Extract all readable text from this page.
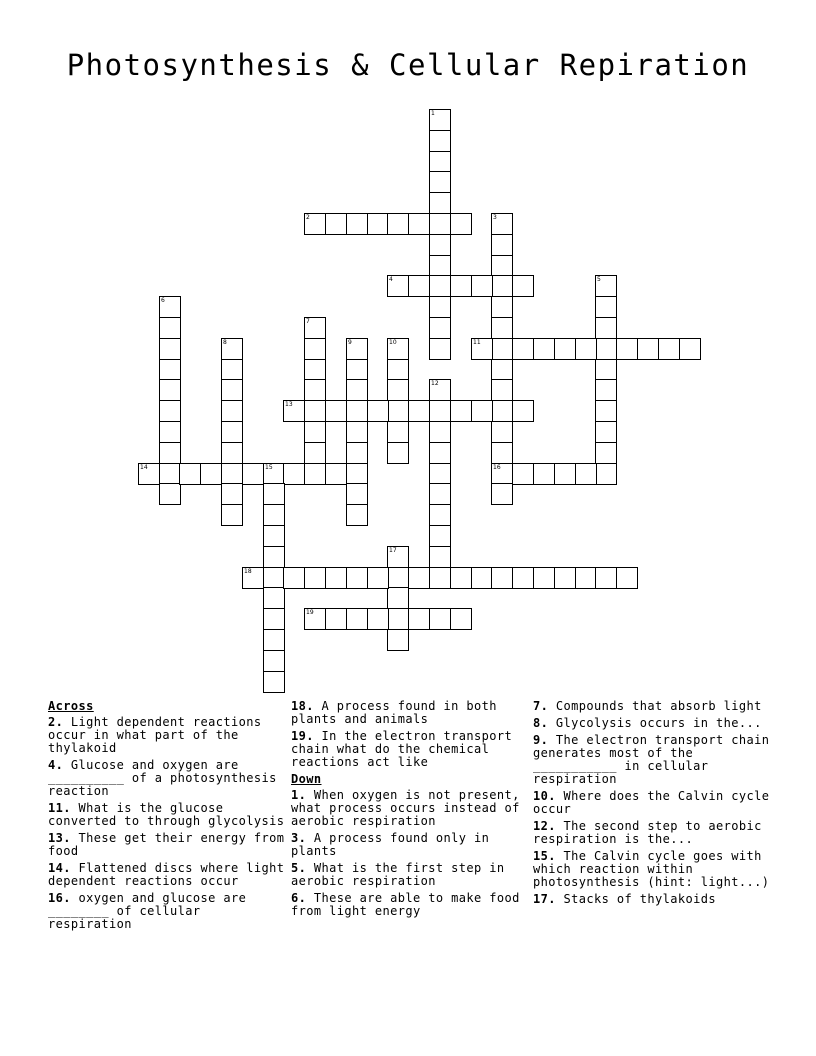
Photosynthesis & Cellular Repiration
1
2	3
16
4	5
6
7
8	9	10	11
12
13
14	15
17
18
19
Across
2. Light dependent reactions occur in what part of the thylakoid
4. Glucose and oxygen are __________ of a photosynthesis reaction
11. What is the glucose converted to through glycolysis
13. These get their energy from food
14. Flattened discs where light dependent reactions occur
16. oxygen and glucose are ________ of cellular respiration
18. A process found in both plants and animals
19. In the electron transport chain what do the chemical reactions act like
Down
1. When oxygen is not present, what process occurs instead of aerobic respiration
3. A process found only in plants
5. What is the first step in aerobic respiration
6. These are able to make food from light energy
7. Compounds that absorb light
8. Glycolysis occurs in the...
9. The electron transport chain generates most of the ___________ in cellular respiration
10. Where does the Calvin cycle occur
12. The second step to aerobic respiration is the...
15. The Calvin cycle goes with which reaction within photosynthesis (hint: light...)
17. Stacks of thylakoids
